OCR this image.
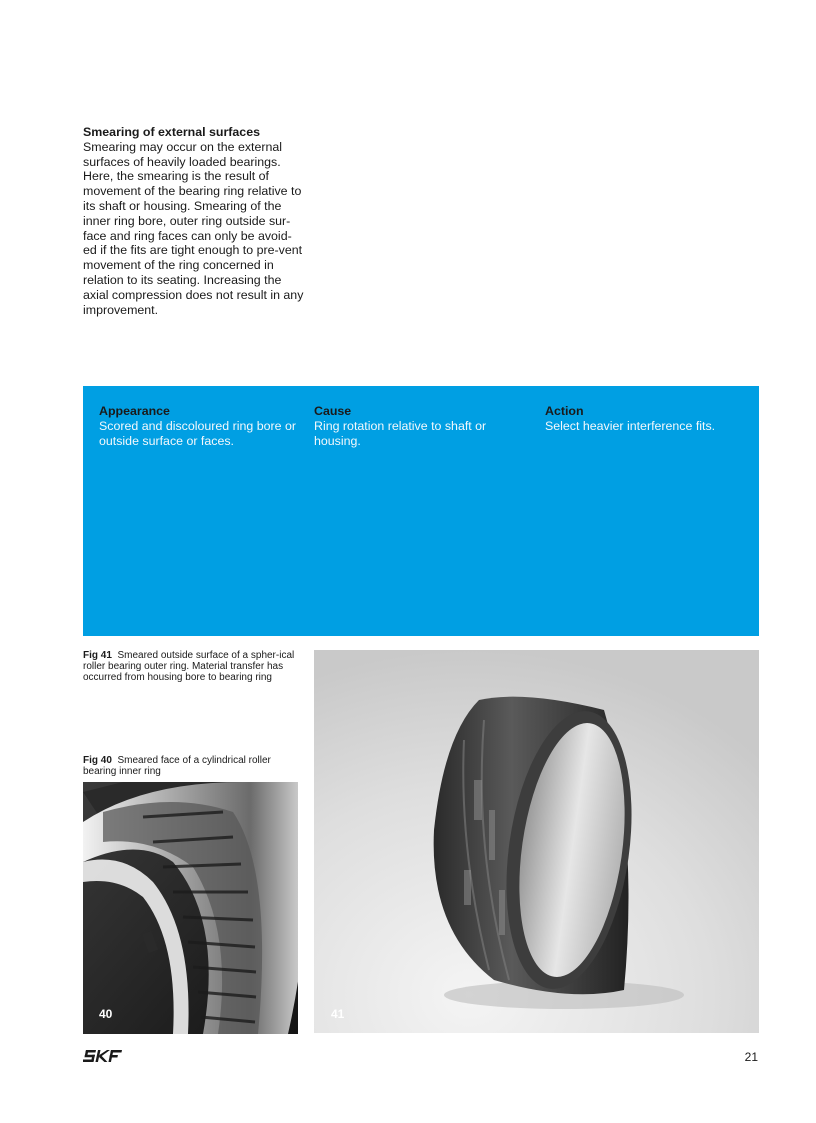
Smearing of external surfaces
Smearing may occur on the external surfaces of heavily loaded bearings. Here, the smearing is the result of movement of the bearing ring relative to its shaft or housing. Smearing of the inner ring bore, outer ring outside sur-face and ring faces can only be avoid-ed if the fits are tight enough to pre-vent movement of the ring concerned in relation to its seating. Increasing the axial compression does not result in any improvement.
Appearance
Scored and discoloured ring bore or outside surface or faces.
Cause
Ring rotation relative to shaft or housing.
Action
Select heavier interference fits.
Fig 41 Smeared outside surface of a spher-ical roller bearing outer ring. Material transfer has occurred from housing bore to bearing ring
Fig 40 Smeared face of a cylindrical roller bearing inner ring
40	41
21
